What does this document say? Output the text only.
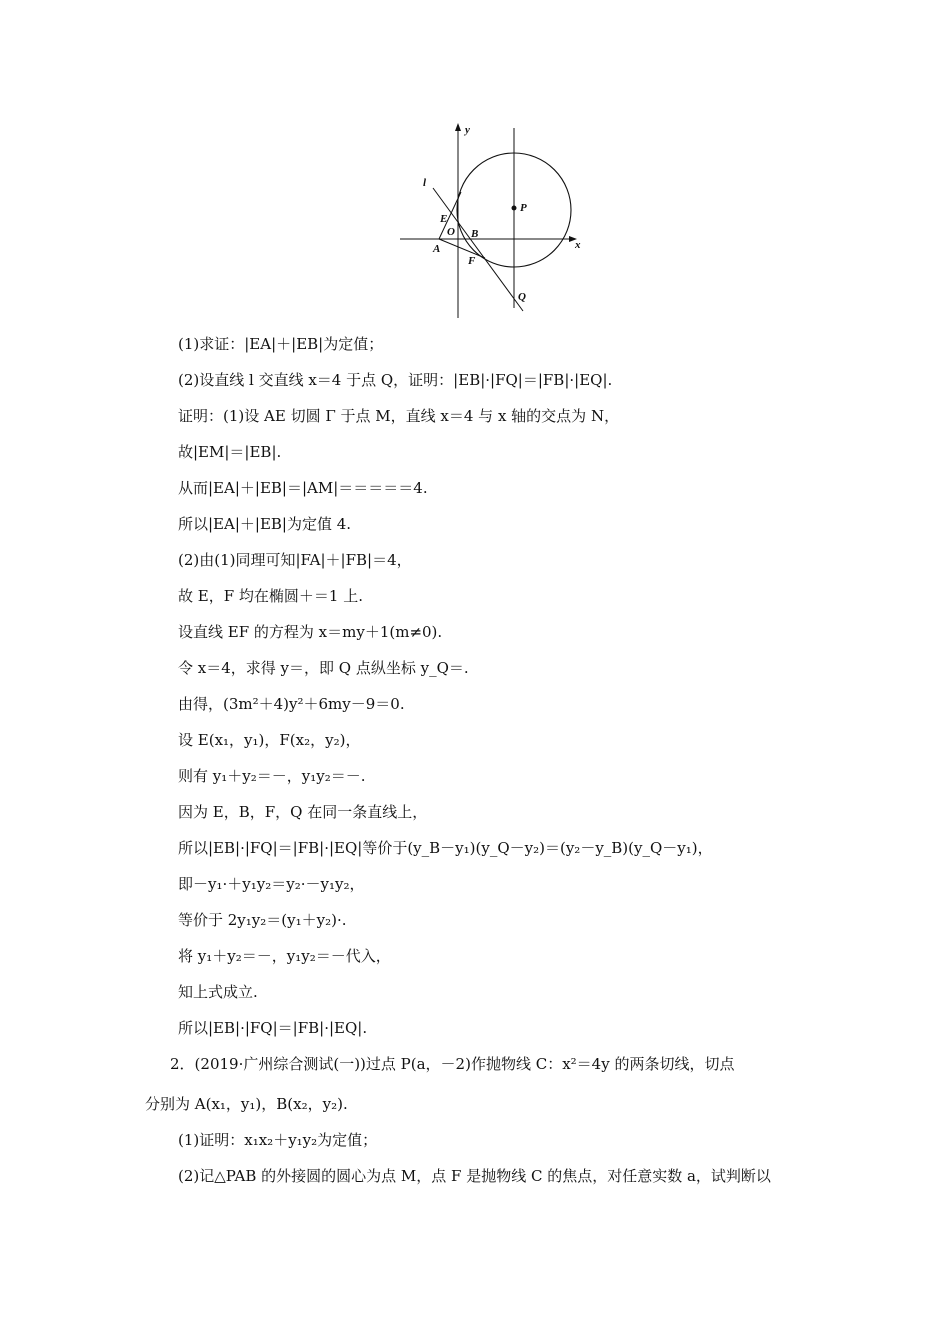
y
x
l
P
E
O B
A
F
Q
(1)求证：|EA|＋|EB|为定值；
(2)设直线 l 交直线 x＝4 于点 Q，证明：|EB|·|FQ|＝|FB|·|EQ|.
证明：(1)设 AE 切圆 Γ 于点 M，直线 x＝4 与 x 轴的交点为 N，
故|EM|＝|EB|.
从而|EA|＋|EB|＝|AM|＝＝＝＝＝4.
所以|EA|＋|EB|为定值 4.
(2)由(1)同理可知|FA|＋|FB|＝4，
故 E，F 均在椭圆＋＝1 上.
设直线 EF 的方程为 x＝my＋1(m≠0).
令 x＝4，求得 y＝，即 Q 点纵坐标 y_Q＝.
由得，(3m²＋4)y²＋6my－9＝0.
设 E(x₁，y₁)，F(x₂，y₂)，
则有 y₁＋y₂＝－，y₁y₂＝－.
因为 E，B，F，Q 在同一条直线上，
所以|EB|·|FQ|＝|FB|·|EQ|等价于(y_B－y₁)(y_Q－y₂)＝(y₂－y_B)(y_Q－y₁)，
即－y₁·＋y₁y₂＝y₂·－y₁y₂，
等价于 2y₁y₂＝(y₁＋y₂)·.
将 y₁＋y₂＝－，y₁y₂＝－代入，
知上式成立.
所以|EB|·|FQ|＝|FB|·|EQ|.
2．(2019·广州综合测试(一))过点 P(a，－2)作抛物线 C：x²＝4y 的两条切线，切点
分别为 A(x₁，y₁)，B(x₂，y₂).
(1)证明：x₁x₂＋y₁y₂为定值；
(2)记△PAB 的外接圆的圆心为点 M，点 F 是抛物线 C 的焦点，对任意实数 a，试判断以
